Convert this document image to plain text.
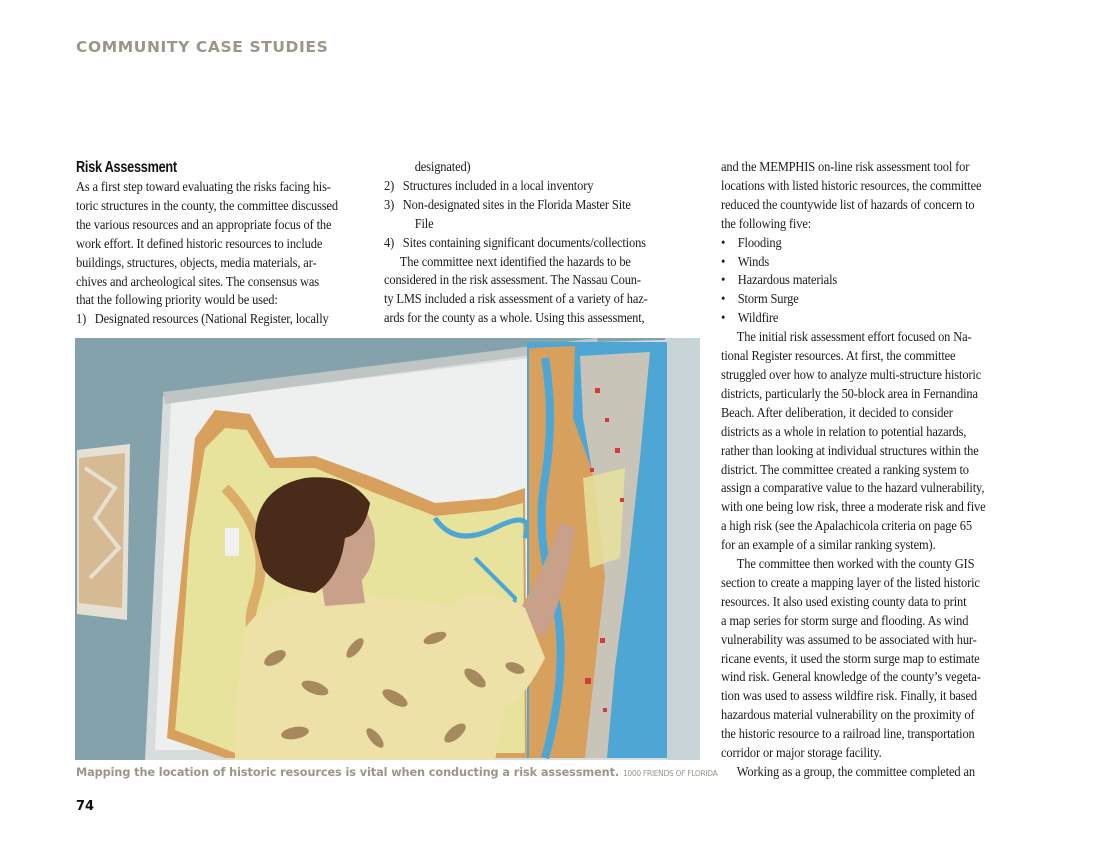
COMMUNITY CASE STUDIES
Risk Assessment
As a first step toward evaluating the risks facing his-
toric structures in the county, the committee discussed
the various resources and an appropriate focus of the
work effort. It defined historic resources to include
buildings, structures, objects, media materials, ar-
chives and archeological sites. The consensus was
that the following priority would be used:
1) Designated resources (National Register, locally
designated)
2) Structures included in a local inventory
3) Non-designated sites in the Florida Master Site
File
4) Sites containing significant documents/collections
The committee next identified the hazards to be
considered in the risk assessment. The Nassau Coun-
ty LMS included a risk assessment of a variety of haz-
ards for the county as a whole. Using this assessment,
and the MEMPHIS on-line risk assessment tool for
locations with listed historic resources, the committee
reduced the countywide list of hazards of concern to
the following five:
• Flooding
• Winds
• Hazardous materials
• Storm Surge
• Wildfire
The initial risk assessment effort focused on Na-
tional Register resources. At first, the committee
struggled over how to analyze multi-structure historic
districts, particularly the 50-block area in Fernandina
Beach. After deliberation, it decided to consider
districts as a whole in relation to potential hazards,
rather than looking at individual structures within the
district. The committee created a ranking system to
assign a comparative value to the hazard vulnerability,
with one being low risk, three a moderate risk and five
a high risk (see the Apalachicola criteria on page 65
for an example of a similar ranking system).
The committee then worked with the county GIS
section to create a mapping layer of the listed historic
resources. It also used existing county data to print
a map series for storm surge and flooding. As wind
vulnerability was assumed to be associated with hur-
ricane events, it used the storm surge map to estimate
wind risk. General knowledge of the county’s vegeta-
tion was used to assess wildfire risk. Finally, it based
hazardous material vulnerability on the proximity of
the historic resource to a railroad line, transportation
corridor or major storage facility.
Working as a group, the committee completed an
Mapping the location of historic resources is vital when conducting a risk assessment. 1000 FRIENDS OF FLORIDA
74
